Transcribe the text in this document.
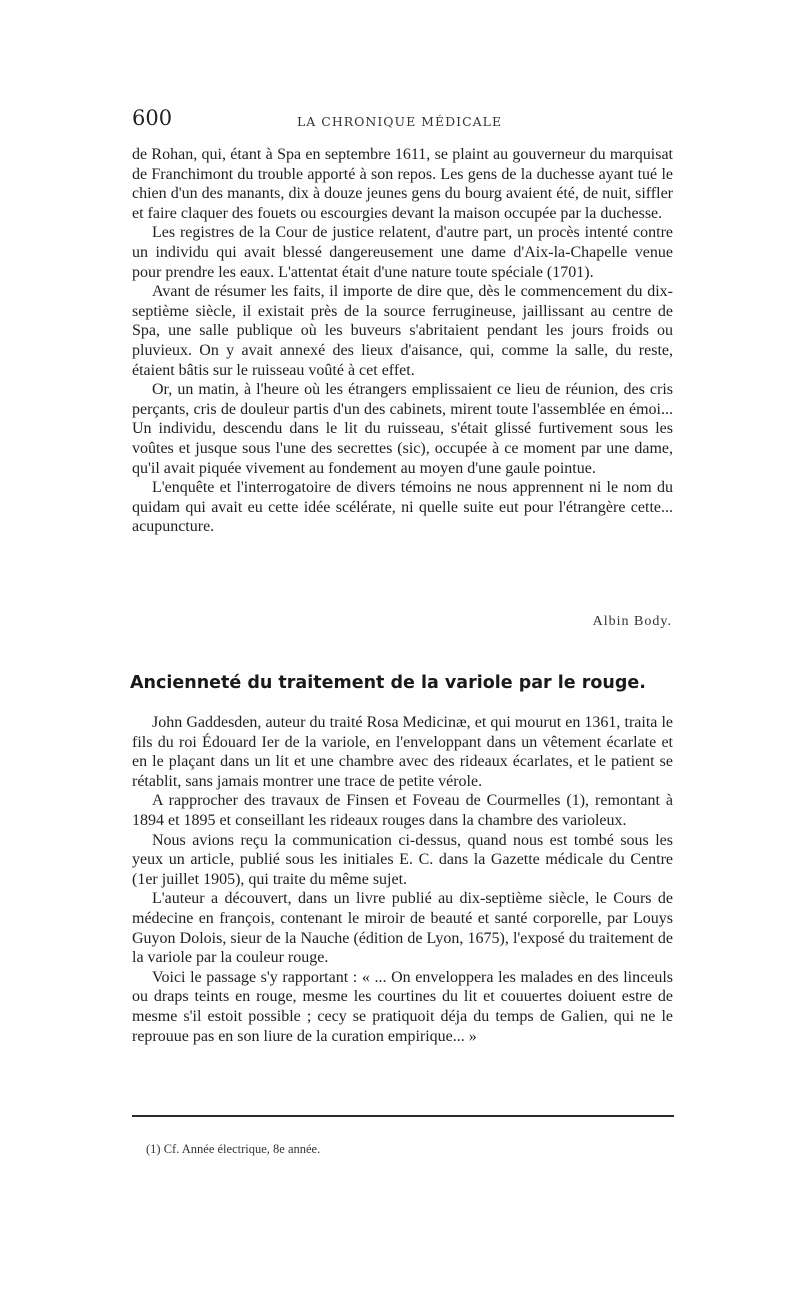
600	LA CHRONIQUE MÉDICALE

de Rohan, qui, étant à Spa en septembre 1611, se plaint au gouverneur du marquisat de Franchimont du trouble apporté à son repos. Les gens de la duchesse ayant tué le chien d'un des manants, dix à douze jeunes gens du bourg avaient été, de nuit, siffler et faire claquer des fouets ou escourgies devant la maison occupée par la duchesse.

Les registres de la Cour de justice relatent, d'autre part, un procès intenté contre un individu qui avait blessé dangereusement une dame d'Aix-la-Chapelle venue pour prendre les eaux. L'attentat était d'une nature toute spéciale (1701).

Avant de résumer les faits, il importe de dire que, dès le commencement du dix-septième siècle, il existait près de la source ferrugineuse, jaillissant au centre de Spa, une salle publique où les buveurs s'abritaient pendant les jours froids ou pluvieux. On y avait annexé des lieux d'aisance, qui, comme la salle, du reste, étaient bâtis sur le ruisseau voûté à cet effet.

Or, un matin, à l'heure où les étrangers emplissaient ce lieu de réunion, des cris perçants, cris de douleur partis d'un des cabinets, mirent toute l'assemblée en émoi... Un individu, descendu dans le lit du ruisseau, s'était glissé furtivement sous les voûtes et jusque sous l'une des secrettes (sic), occupée à ce moment par une dame, qu'il avait piquée vivement au fondement au moyen d'une gaule pointue.

L'enquête et l'interrogatoire de divers témoins ne nous apprennent ni le nom du quidam qui avait eu cette idée scélérate, ni quelle suite eut pour l'étrangère cette... acupuncture.

Albin Body.
Ancienneté du traitement de la variole par le rouge.

John Gaddesden, auteur du traité Rosa Medicinæ, et qui mourut en 1361, traita le fils du roi Édouard Ier de la variole, en l'enveloppant dans un vêtement écarlate et en le plaçant dans un lit et une chambre avec des rideaux écarlates, et le patient se rétablit, sans jamais montrer une trace de petite vérole.

A rapprocher des travaux de Finsen et Foveau de Courmelles (1), remontant à 1894 et 1895 et conseillant les rideaux rouges dans la chambre des varioleux.

Nous avions reçu la communication ci-dessus, quand nous est tombé sous les yeux un article, publié sous les initiales E. C. dans la Gazette médicale du Centre (1er juillet 1905), qui traite du même sujet.

L'auteur a découvert, dans un livre publié au dix-septième siècle, le Cours de médecine en françois, contenant le miroir de beauté et santé corporelle, par Louys Guyon Dolois, sieur de la Nauche (édition de Lyon, 1675), l'exposé du traitement de la variole par la couleur rouge.

Voici le passage s'y rapportant : « ... On enveloppera les malades en des linceuls ou draps teints en rouge, mesme les courtines du lit et couuertes doiuent estre de mesme s'il estoit possible ; cecy se pratiquoit déja du temps de Galien, qui ne le reprouue pas en son liure de la curation empirique... »

(1) Cf. Année électrique, 8e année.
